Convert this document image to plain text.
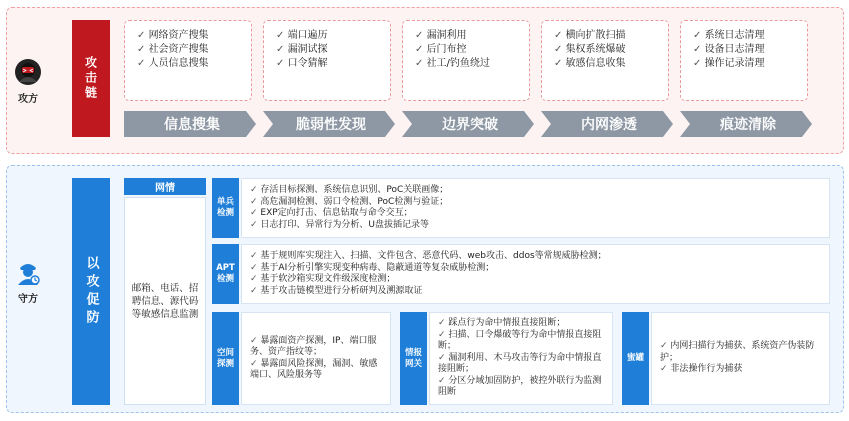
攻方	攻击链
✓ 网络资产搜集
✓ 社会资产搜集
✓ 人员信息搜集
✓ 端口遍历
✓ 漏洞试探
✓ 口令猜解
✓ 漏洞利用
✓ 后门布控
✓ 社工/钓鱼绕过
✓ 横向扩散扫描
✓ 集权系统爆破
✓ 敏感信息收集
✓ 系统日志清理
✓ 设备日志清理
✓ 操作记录清理
信息搜集	脆弱性发现	边界突破	内网渗透	痕迹清除
守方	以攻促防
网情

邮箱、电话、招聘信息、源代码等敏感信息监测

单兵检测
✓ 存活目标探测、系统信息识别、PoC关联画像；
✓ 高危漏洞检测、弱口令检测、PoC检测与验证；
✓ EXP定向打击、信息钻取与命令交互；
✓ 日志打印、异常行为分析、U盘拔插记录等
APT检测
✓ 基于规则库实现注入、扫描、文件包含、恶意代码、web攻击、ddos等常规威胁检测；
✓ 基于AI分析引擎实现变种病毒、隐蔽通道等复杂威胁检测；
✓ 基于软沙箱实现文件级深度检测；
✓ 基于攻击链模型进行分析研判及溯源取证
空间探测
✓ 暴露面资产探测，IP、端口服务、资产指纹等；
✓ 暴露面风险探测，漏洞、敏感端口、风险服务等
情报网关
✓ 踩点行为命中情报直接阻断；
✓ 扫描、口令爆破等行为命中情报直接阻断；
✓ 漏洞利用、木马攻击等行为命中情报直接阻断；
✓ 分区分域加固防护，被控外联行为监测阻断
蜜罐
✓ 内网扫描行为捕获、系统资产伪装防护；
✓ 非法操作行为捕获
